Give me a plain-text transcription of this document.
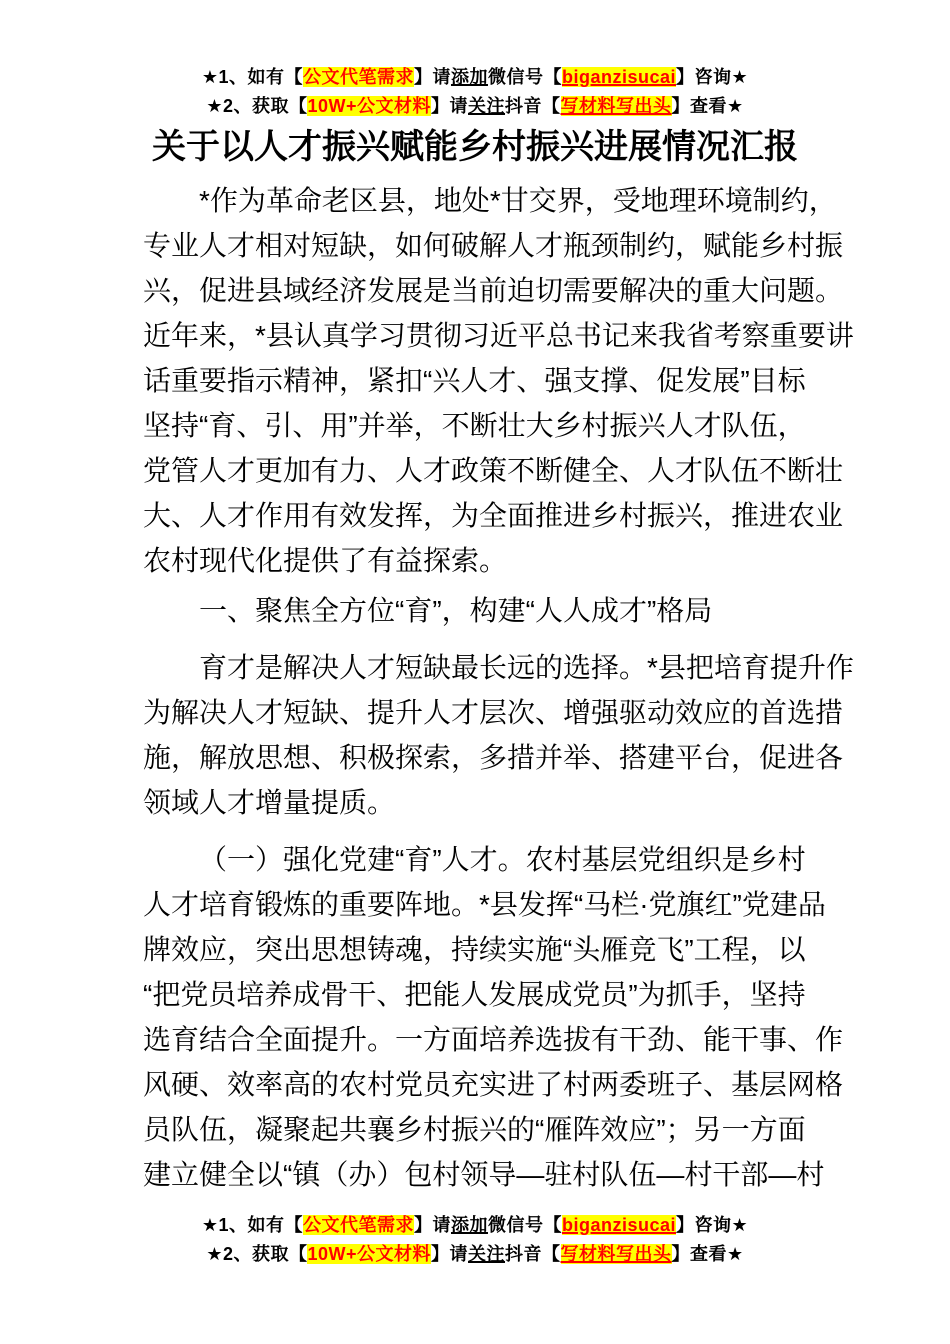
★1、如有【公文代笔需求】请添加微信号【biganzisucai】咨询★
★2、获取【10W+公文材料】请关注抖音【写材料写出头】查看★
关于以人才振兴赋能乡村振兴进展情况汇报
*作为革命老区县，地处*甘交界，受地理环境制约，
专业人才相对短缺，如何破解人才瓶颈制约，赋能乡村振
兴，促进县域经济发展是当前迫切需要解决的重大问题。
近年来，*县认真学习贯彻习近平总书记来我省考察重要讲
话重要指示精神，紧扣“兴人才、强支撑、促发展”目标
坚持“育、引、用”并举，不断壮大乡村振兴人才队伍，
党管人才更加有力、人才政策不断健全、人才队伍不断壮
大、人才作用有效发挥，为全面推进乡村振兴，推进农业
农村现代化提供了有益探索。
一、聚焦全方位“育”，构建“人人成才”格局
育才是解决人才短缺最长远的选择。*县把培育提升作
为解决人才短缺、提升人才层次、增强驱动效应的首选措
施，解放思想、积极探索，多措并举、搭建平台，促进各
领域人才增量提质。
（一）强化党建“育”人才。农村基层党组织是乡村
人才培育锻炼的重要阵地。*县发挥“马栏·党旗红”党建品
牌效应，突出思想铸魂，持续实施“头雁竞飞”工程，以
“把党员培养成骨干、把能人发展成党员”为抓手，坚持
选育结合全面提升。一方面培养选拔有干劲、能干事、作
风硬、效率高的农村党员充实进了村两委班子、基层网格
员队伍，凝聚起共襄乡村振兴的“雁阵效应”；另一方面
建立健全以“镇（办）包村领导—驻村队伍—村干部—村
★1、如有【公文代笔需求】请添加微信号【biganzisucai】咨询★
★2、获取【10W+公文材料】请关注抖音【写材料写出头】查看★
